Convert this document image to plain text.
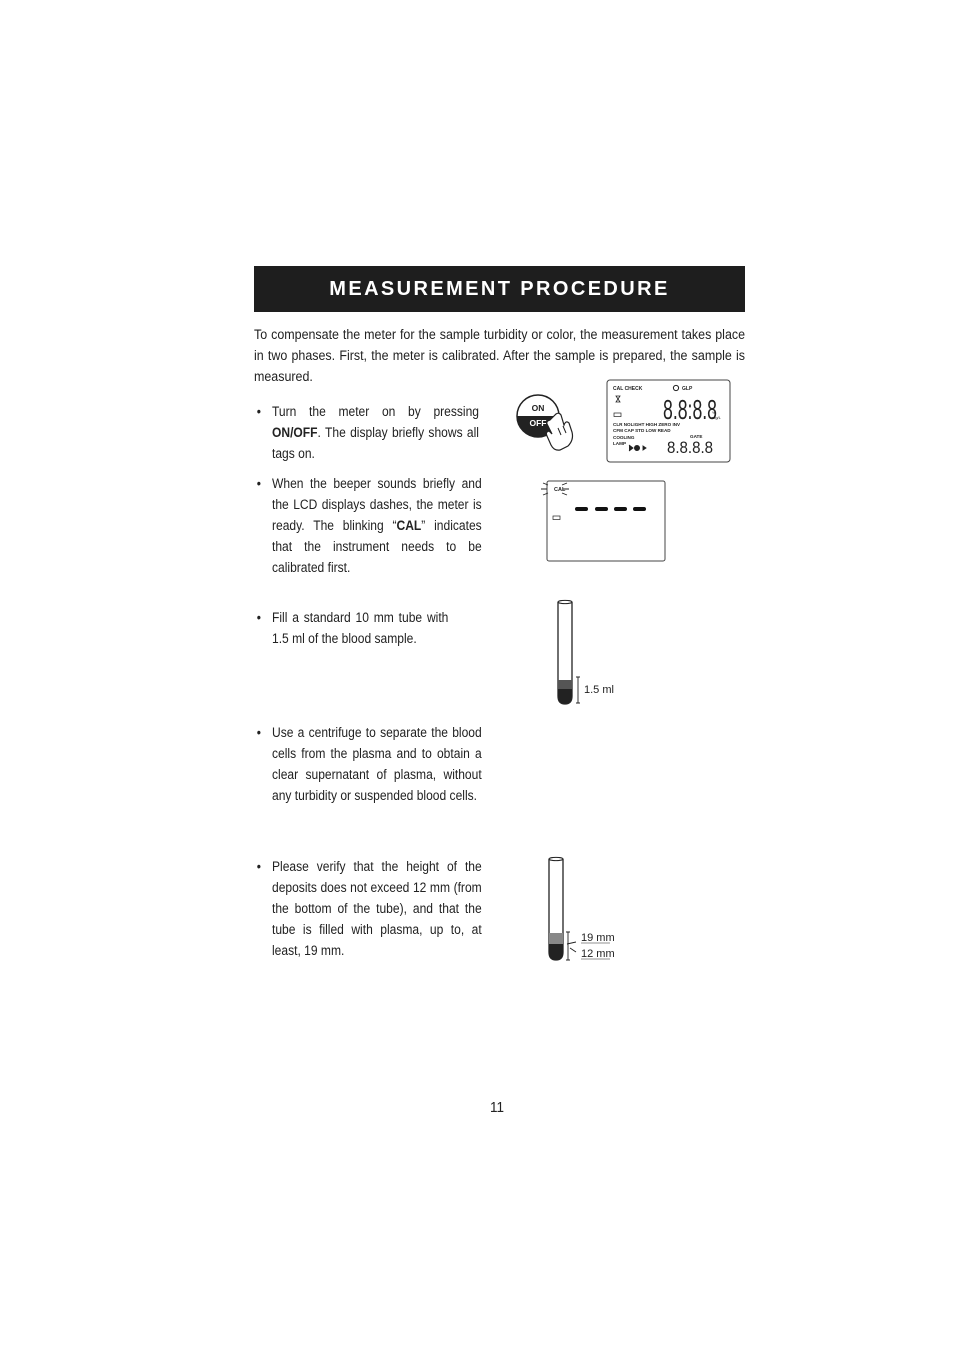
MEASUREMENT PROCEDURE
To compensate the meter for the sample turbidity or color, the measurement takes place in two phases. First, the meter is calibrated. After the sample is prepared, the sample is measured.
• Turn the meter on by pressing ON/OFF. The display briefly shows all tags on.
• When the beeper sounds briefly and the LCD displays dashes, the meter is ready. The blinking “CAL” indicates that the instrument needs to be calibrated first.
• Fill a standard 10 mm tube with 1.5 ml of the blood sample.
• Use a centrifuge to separate the blood cells from the plasma and to obtain a clear supernatant of plasma, without any turbidity or suspended blood cells.
• Please verify that the height of the deposits does not exceed 12 mm (from the bottom of the tube), and that the tube is filled with plasma, up to, at least, 19 mm.
ON
OFF
CAL CHECK	GLP
8.8:8.8
%
mg/L
CLR NOLIGHT HIGH ZERO INV
CFM CAP STD LOW READ
COOLING
LAMP
GATE
8.8.8.8
CAL
1.5 ml
19 mm
12 mm
11
